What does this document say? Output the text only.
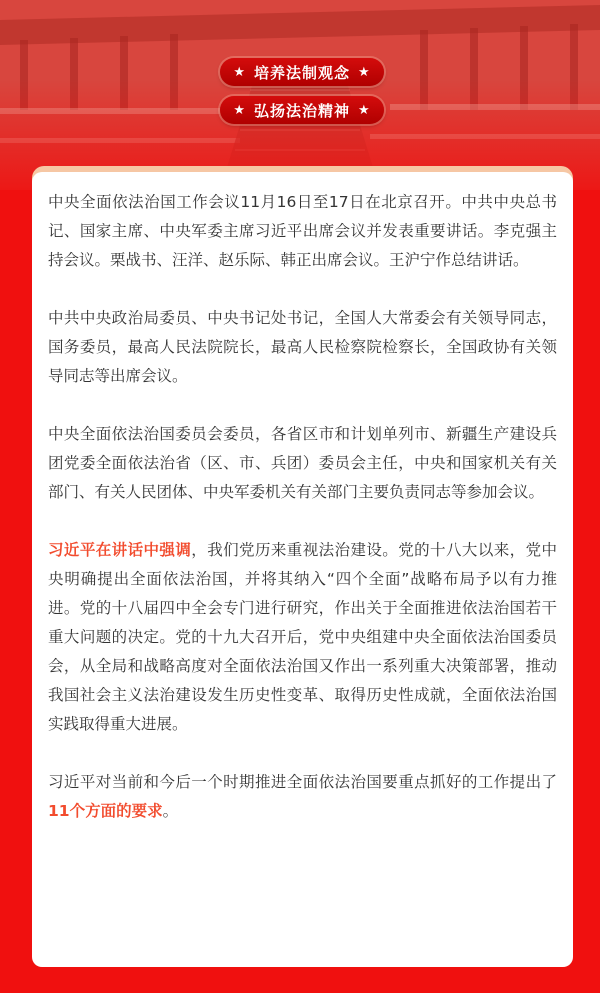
★ 培养法制观念 ★
★ 弘扬法治精神 ★

中央全面依法治国工作会议11月16日至17日在北京召开。中共中央总书记、国家主席、中央军委主席习近平出席会议并发表重要讲话。李克强主持会议。栗战书、汪洋、赵乐际、韩正出席会议。王沪宁作总结讲话。

中共中央政治局委员、中央书记处书记，全国人大常委会有关领导同志，国务委员，最高人民法院院长，最高人民检察院检察长，全国政协有关领导同志等出席会议。

中央全面依法治国委员会委员，各省区市和计划单列市、新疆生产建设兵团党委全面依法治省（区、市、兵团）委员会主任，中央和国家机关有关部门、有关人民团体、中央军委机关有关部门主要负责同志等参加会议。

习近平在讲话中强调，我们党历来重视法治建设。党的十八大以来，党中央明确提出全面依法治国，并将其纳入“四个全面”战略布局予以有力推进。党的十八届四中全会专门进行研究，作出关于全面推进依法治国若干重大问题的决定。党的十九大召开后，党中央组建中央全面依法治国委员会，从全局和战略高度对全面依法治国又作出一系列重大决策部署，推动我国社会主义法治建设发生历史性变革、取得历史性成就，全面依法治国实践取得重大进展。

习近平对当前和今后一个时期推进全面依法治国要重点抓好的工作提出了11个方面的要求。
